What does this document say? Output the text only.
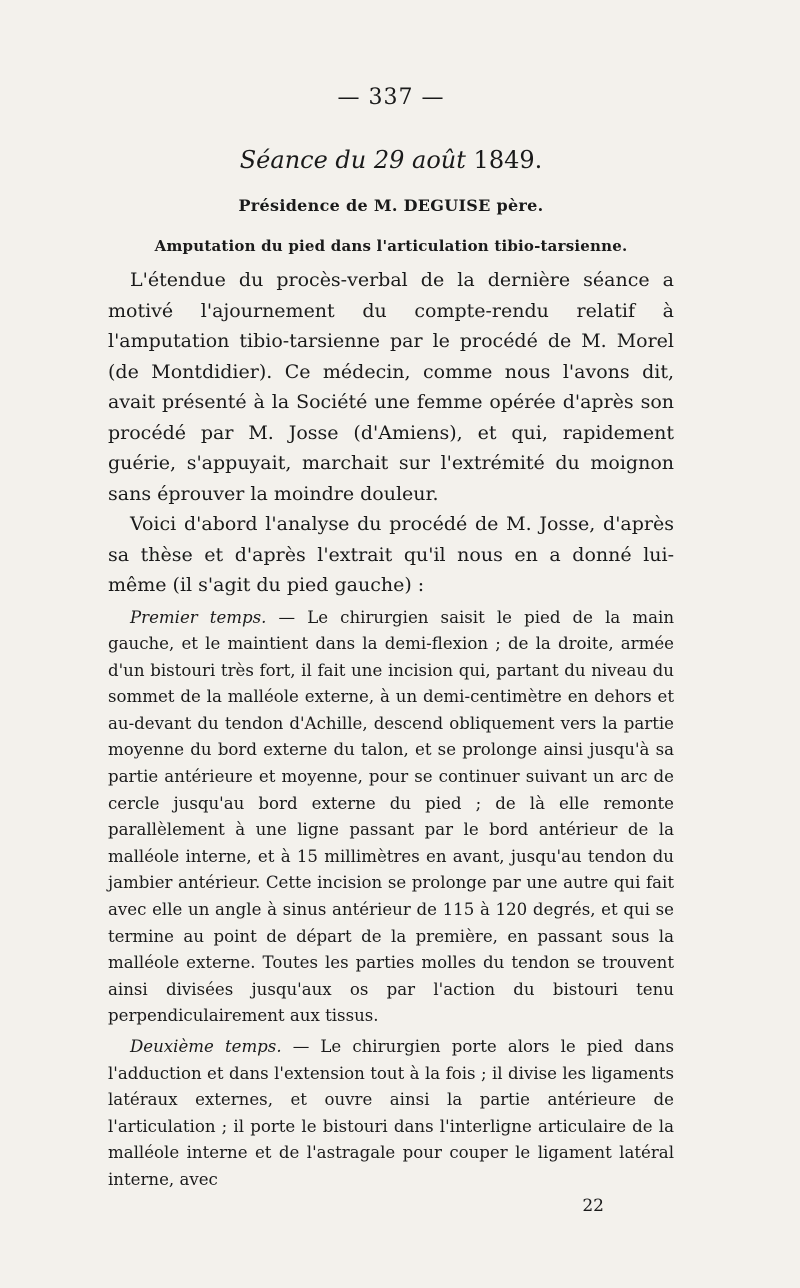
— 337 —
Séance du 29 août 1849.
Présidence de M. DEGUISE père.
Amputation du pied dans l'articulation tibio-tarsienne.

L'étendue du procès-verbal de la dernière séance a motivé l'ajournement du compte-rendu relatif à l'amputation tibio-tarsienne par le procédé de M. Morel (de Montdidier). Ce médecin, comme nous l'avons dit, avait présenté à la Société une femme opérée d'après son procédé par M. Josse (d'Amiens), et qui, rapidement guérie, s'appuyait, marchait sur l'extrémité du moignon sans éprouver la moindre douleur.

Voici d'abord l'analyse du procédé de M. Josse, d'après sa thèse et d'après l'extrait qu'il nous en a donné lui-même (il s'agit du pied gauche) :

Premier temps. — Le chirurgien saisit le pied de la main gauche, et le maintient dans la demi-flexion ; de la droite, armée d'un bistouri très fort, il fait une incision qui, partant du niveau du sommet de la malléole externe, à un demi-centimètre en dehors et au-devant du tendon d'Achille, descend obliquement vers la partie moyenne du bord externe du talon, et se prolonge ainsi jusqu'à sa partie antérieure et moyenne, pour se continuer suivant un arc de cercle jusqu'au bord externe du pied ; de là elle remonte parallèlement à une ligne passant par le bord antérieur de la malléole interne, et à 15 millimètres en avant, jusqu'au tendon du jambier antérieur. Cette incision se prolonge par une autre qui fait avec elle un angle à sinus antérieur de 115 à 120 degrés, et qui se termine au point de départ de la première, en passant sous la malléole externe. Toutes les parties molles du tendon se trouvent ainsi divisées jusqu'aux os par l'action du bistouri tenu perpendiculairement aux tissus.

Deuxième temps. — Le chirurgien porte alors le pied dans l'adduction et dans l'extension tout à la fois ; il divise les ligaments latéraux externes, et ouvre ainsi la partie antérieure de l'articulation ; il porte le bistouri dans l'interligne articulaire de la malléole interne et de l'astragale pour couper le ligament latéral interne, avec

22
